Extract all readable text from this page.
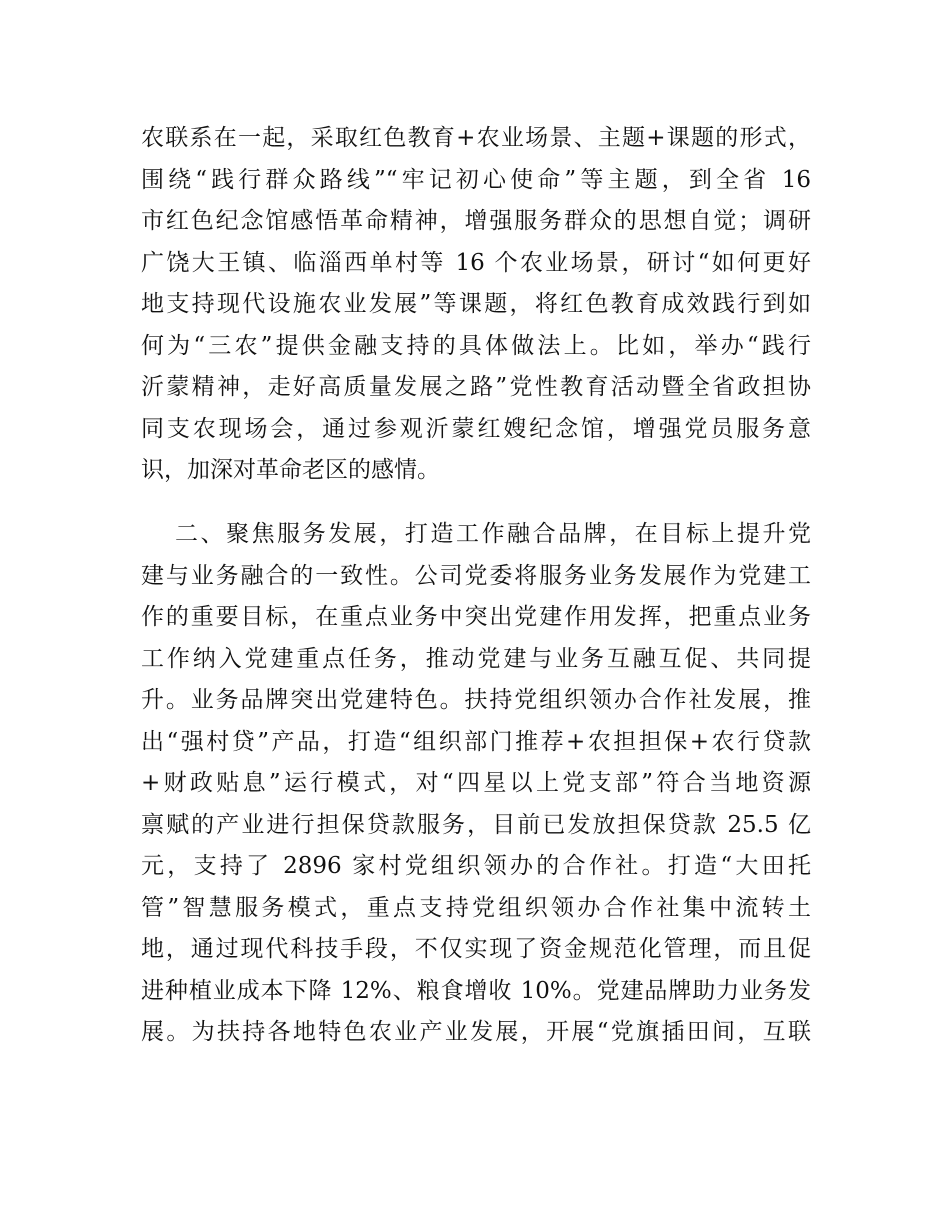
农联系在一起，采取红色教育+农业场景、主题+课题的形式，
围绕“践行群众路线”“牢记初心使命”等主题，到全省 16
市红色纪念馆感悟革命精神，增强服务群众的思想自觉；调研
广饶大王镇、临淄西单村等 16 个农业场景，研讨“如何更好
地支持现代设施农业发展”等课题，将红色教育成效践行到如
何为“三农”提供金融支持的具体做法上。比如，举办“践行
沂蒙精神，走好高质量发展之路”党性教育活动暨全省政担协
同支农现场会，通过参观沂蒙红嫂纪念馆，增强党员服务意
识，加深对革命老区的感情。
二、聚焦服务发展，打造工作融合品牌，在目标上提升党
建与业务融合的一致性。公司党委将服务业务发展作为党建工
作的重要目标，在重点业务中突出党建作用发挥，把重点业务
工作纳入党建重点任务，推动党建与业务互融互促、共同提
升。业务品牌突出党建特色。扶持党组织领办合作社发展，推
出“强村贷”产品，打造“组织部门推荐+农担担保+农行贷款
+财政贴息”运行模式，对“四星以上党支部”符合当地资源
禀赋的产业进行担保贷款服务，目前已发放担保贷款 25.5 亿
元，支持了 2896 家村党组织领办的合作社。打造“大田托
管”智慧服务模式，重点支持党组织领办合作社集中流转土
地，通过现代科技手段，不仅实现了资金规范化管理，而且促
进种植业成本下降 12%、粮食增收 10%。党建品牌助力业务发
展。为扶持各地特色农业产业发展，开展“党旗插田间，互联
